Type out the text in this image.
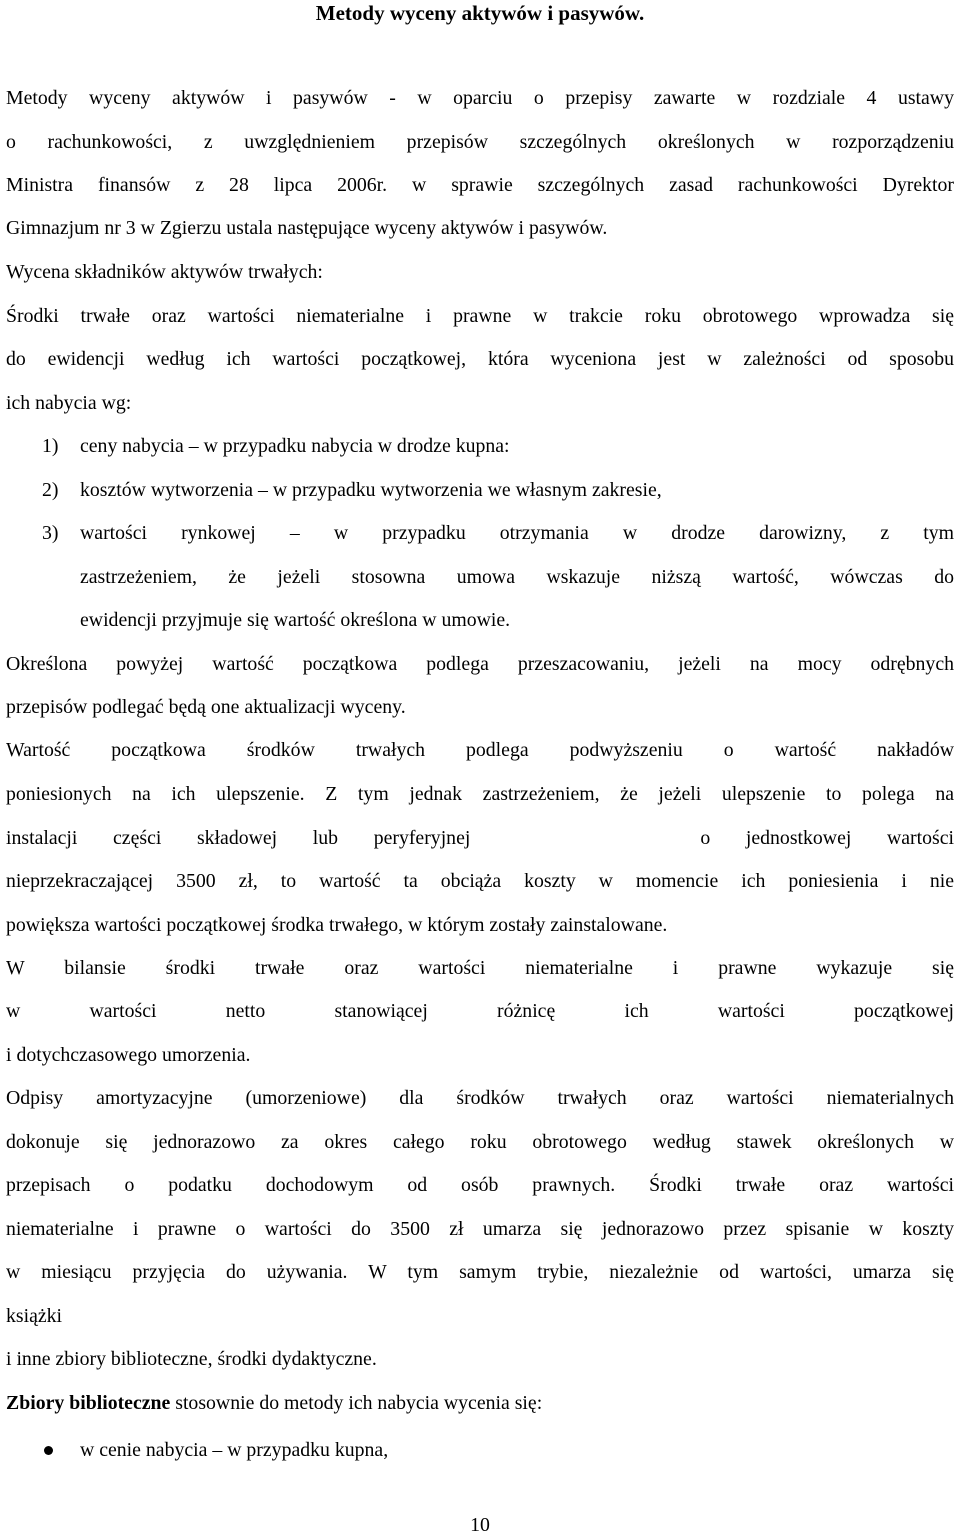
Metody wyceny aktywów i pasywów.
Metody wyceny aktywów i pasywów - w oparciu o przepisy zawarte w rozdziale 4 ustawy
o rachunkowości, z uwzględnieniem przepisów szczególnych określonych w rozporządzeniu
Ministra finansów z 28 lipca 2006r. w sprawie szczególnych zasad rachunkowości Dyrektor
Gimnazjum nr 3 w Zgierzu ustala następujące wyceny aktywów i pasywów.
Wycena składników aktywów trwałych:
Środki trwałe oraz wartości niematerialne i prawne w trakcie roku obrotowego wprowadza się
do ewidencji według ich wartości początkowej, która wyceniona jest w zależności od sposobu
ich nabycia wg:
1) ceny nabycia – w przypadku nabycia w drodze kupna:
2) kosztów wytworzenia – w przypadku wytworzenia we własnym zakresie,
3) wartości rynkowej – w przypadku otrzymania w drodze darowizny, z tym
zastrzeżeniem, że jeżeli stosowna umowa wskazuje niższą wartość, wówczas do
ewidencji przyjmuje się wartość określona w umowie.
Określona powyżej wartość początkowa podlega przeszacowaniu, jeżeli na mocy odrębnych
przepisów podlegać będą one aktualizacji wyceny.
Wartość początkowa środków trwałych podlega podwyższeniu o wartość nakładów
poniesionych na ich ulepszenie. Z tym jednak zastrzeżeniem, że jeżeli ulepszenie to polega na
instalacji części składowej lub peryferyjnej	o jednostkowej wartości
nieprzekraczającej 3500 zł, to wartość ta obciąża koszty w momencie ich poniesienia i nie
powiększa wartości początkowej środka trwałego, w którym zostały zainstalowane.
W bilansie środki trwałe oraz wartości niematerialne i prawne wykazuje się
w wartości netto stanowiącej różnicę ich wartości początkowej
i dotychczasowego umorzenia.
Odpisy amortyzacyjne (umorzeniowe) dla środków trwałych oraz wartości niematerialnych
dokonuje się jednorazowo za okres całego roku obrotowego według stawek określonych w
przepisach o podatku dochodowym od osób prawnych. Środki trwałe oraz wartości
niematerialne i prawne o wartości do 3500 zł umarza się jednorazowo przez spisanie w koszty
w miesiącu przyjęcia do używania. W tym samym trybie, niezależnie od wartości, umarza się
książki
i inne zbiory biblioteczne, środki dydaktyczne.
Zbiory biblioteczne stosownie do metody ich nabycia wycenia się:
w cenie nabycia – w przypadku kupna,
10
